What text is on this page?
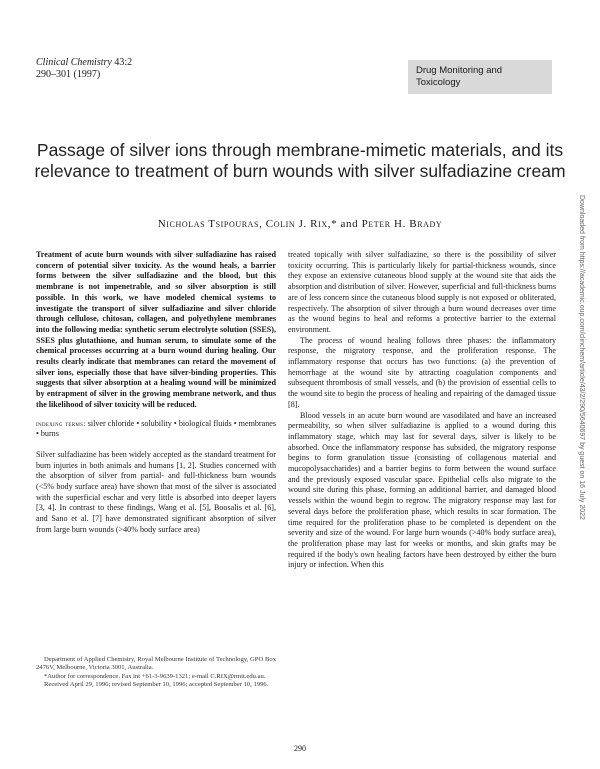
Clinical Chemistry 43:2
290–301 (1997)	Drug Monitoring and Toxicology
Passage of silver ions through membrane-mimetic materials, and its relevance to treatment of burn wounds with silver sulfadiazine cream
Nicholas Tsipouras, Colin J. Rix,* and Peter H. Brady	Downloaded from https://academic.oup.com/clinchem/article/43/2/290/5640697 by guest on 16 July 2022

Treatment of acute burn wounds with silver sulfadiazine has raised concern of potential silver toxicity. As the wound heals, a barrier forms between the silver sulfadiazine and the blood, but this membrane is not impenetrable, and so silver absorption is still possible. In this work, we have modeled chemical systems to investigate the transport of silver sulfadiazine and silver chloride through cellulose, chitosan, collagen, and polyethylene membranes into the following media: synthetic serum electrolyte solution (SSES), SSES plus glutathione, and human serum, to simulate some of the chemical processes occurring at a burn wound during healing. Our results clearly indicate that membranes can retard the movement of silver ions, especially those that have silver-binding properties. This suggests that silver absorption at a healing wound will be minimized by entrapment of silver in the growing membrane network, and thus the likelihood of silver toxicity will be reduced.

indexing terms: silver chloride • solubility • biological fluids • membranes • burns

Silver sulfadiazine has been widely accepted as the standard treatment for burn injuries in both animals and humans [1, 2]. Studies concerned with the absorption of silver from partial- and full-thickness burn wounds (<5% body surface area) have shown that most of the silver is associated with the superficial eschar and very little is absorbed into deeper layers [3, 4]. In contrast to these findings, Wang et al. [5], Boosalis et al. [6], and Sano et al. [7] have demonstrated significant absorption of silver from large burn wounds (>40% body surface area)

Department of Applied Chemistry, Royal Melbourne Institute of Technology, GPO Box 2476V, Melbourne, Victoria 3001, Australia.

*Author for correspondence. Fax int +61-3-9639-1321; e-mail C.RIX@rmit.edu.au.

Received April 29, 1996; revised September 10, 1996; accepted September 10, 1996.

treated topically with silver sulfadiazine, so there is the possibility of silver toxicity occurring. This is particularly likely for partial-thickness wounds, since they expose an extensive cutaneous blood supply at the wound site that aids the absorption and distribution of silver. However, superficial and full-thickness burns are of less concern since the cutaneous blood supply is not exposed or obliterated, respectively. The absorption of silver through a burn wound decreases over time as the wound begins to heal and reforms a protective barrier to the external environment.

The process of wound healing follows three phases: the inflammatory response, the migratory response, and the proliferation response. The inflammatory response that occurs has two functions: (a) the prevention of hemorrhage at the wound site by attracting coagulation components and subsequent thrombosis of small vessels, and (b) the provision of essential cells to the wound site to begin the process of healing and repairing of the damaged tissue [8].

Blood vessels in an acute burn wound are vasodilated and have an increased permeability, so when silver sulfadiazine is applied to a wound during this inflammatory stage, which may last for several days, silver is likely to be absorbed. Once the inflammatory response has subsided, the migratory response begins to form granulation tissue (consisting of collagenous material and mucopolysaccharides) and a barrier begins to form between the wound surface and the previously exposed vascular space. Epithelial cells also migrate to the wound site during this phase, forming an additional barrier, and damaged blood vessels within the wound begin to regrow. The migratory response may last for several days before the proliferation phase, which results in scar formation. The time required for the proliferation phase to be completed is dependent on the severity and size of the wound. For large burn wounds (>40% body surface area), the proliferation phase may last for weeks or months, and skin grafts may be required if the body's own healing factors have been destroyed by either the burn injury or infection. When this

290
